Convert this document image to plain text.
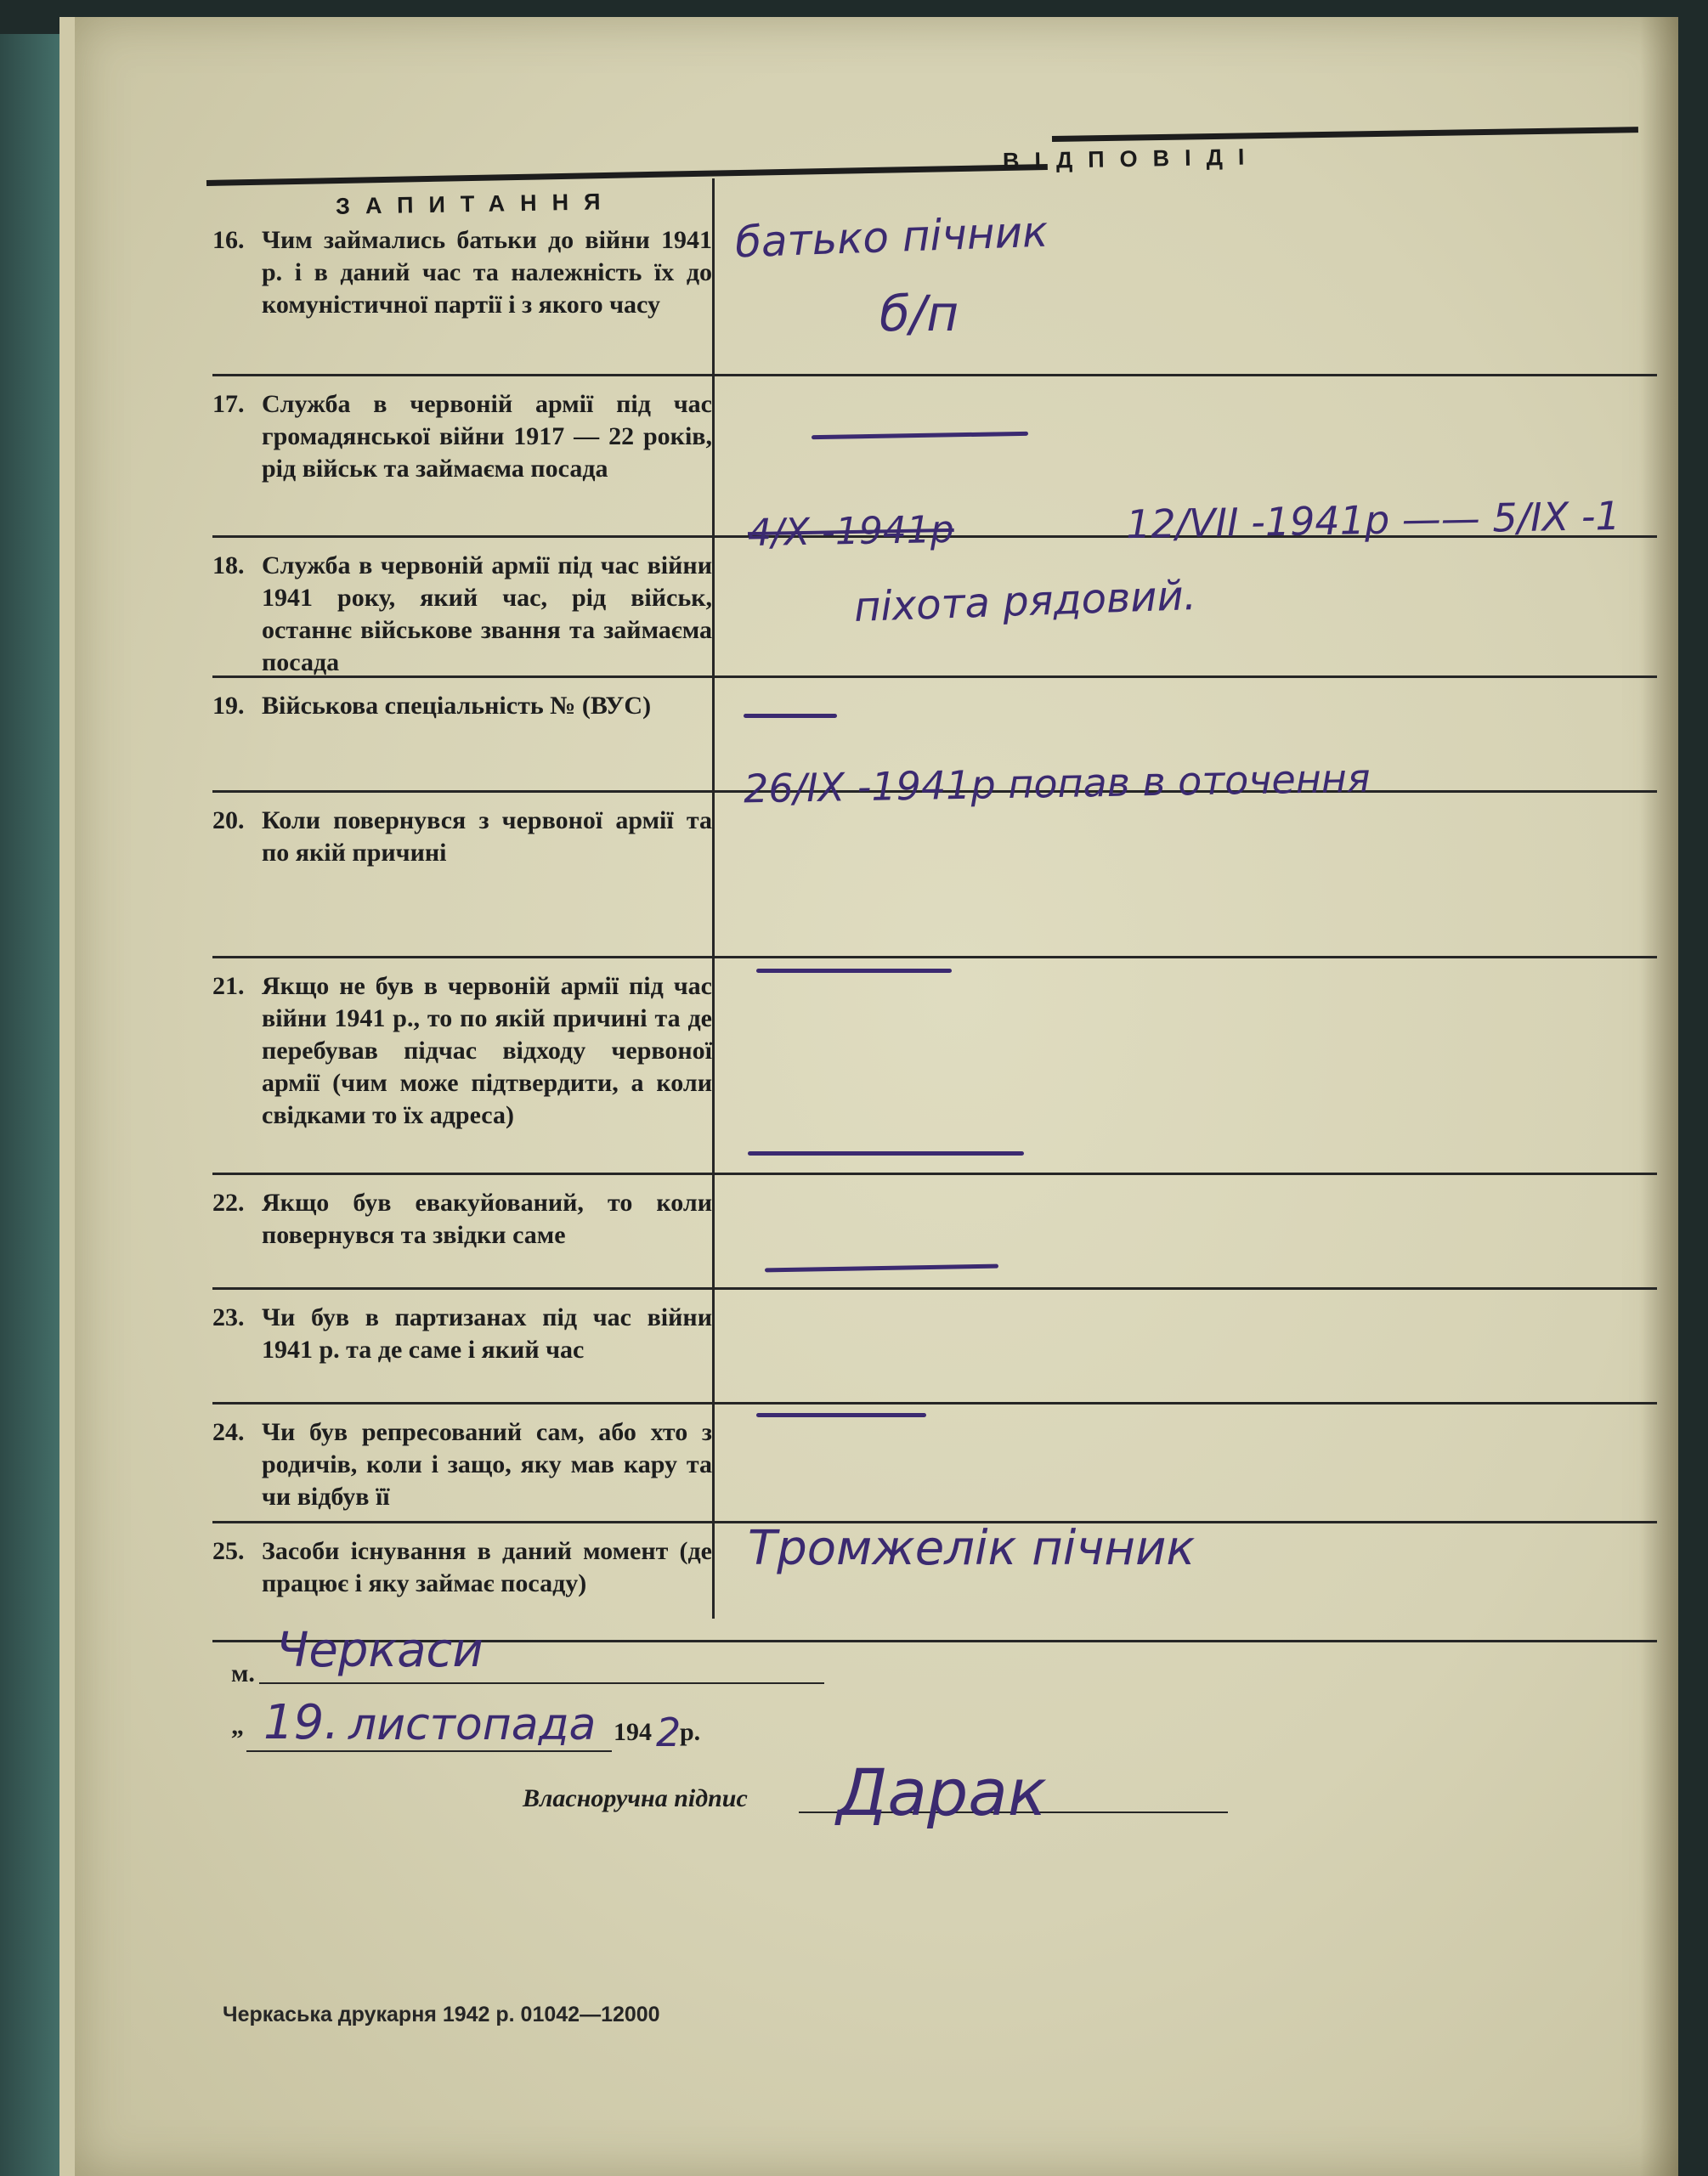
ЗАПИТАННЯ
ВІДПОВІДІ
16. Чим займались батьки до війни 1941 р. і в даний час та належність їх до комуністичної партії і з якого часу
17. Служба в червоній армії під час громадянської війни 1917 — 22 років, рід військ та займаєма посада
18. Служба в червоній армії під час війни 1941 року, який час, рід військ, останнє військове звання та займаєма посада
19. Військова спеціальність № (ВУС)
20. Коли повернувся з червоної армії та по якій причині
21. Якщо не був в червоній армії під час війни 1941 р., то по якій причині та де перебував підчас відходу червоної армії (чим може підтвердити, а коли свідками то їх адреса)
22. Якщо був евакуйований, то коли повернувся та звідки саме
23. Чи був в партизанах під час війни 1941 р. та де саме і який час
24. Чи був репресований сам, або хто з родичів, коли і защо, яку мав кару та чи відбув її
25. Засоби існування в даний момент (де працює і яку займає посаду)
батько пічник
б/п
4/X -1941р	12/VII -1941р —— 5/IX -1
піхота рядовий.
26/IX -1941р попав в оточення
Тромжелік пічник
м. Черкаси
„ 19. листопада 194 2
р.
Власноручна підпис Дарак
Черкаська друкарня 1942 р. 01042—12000
